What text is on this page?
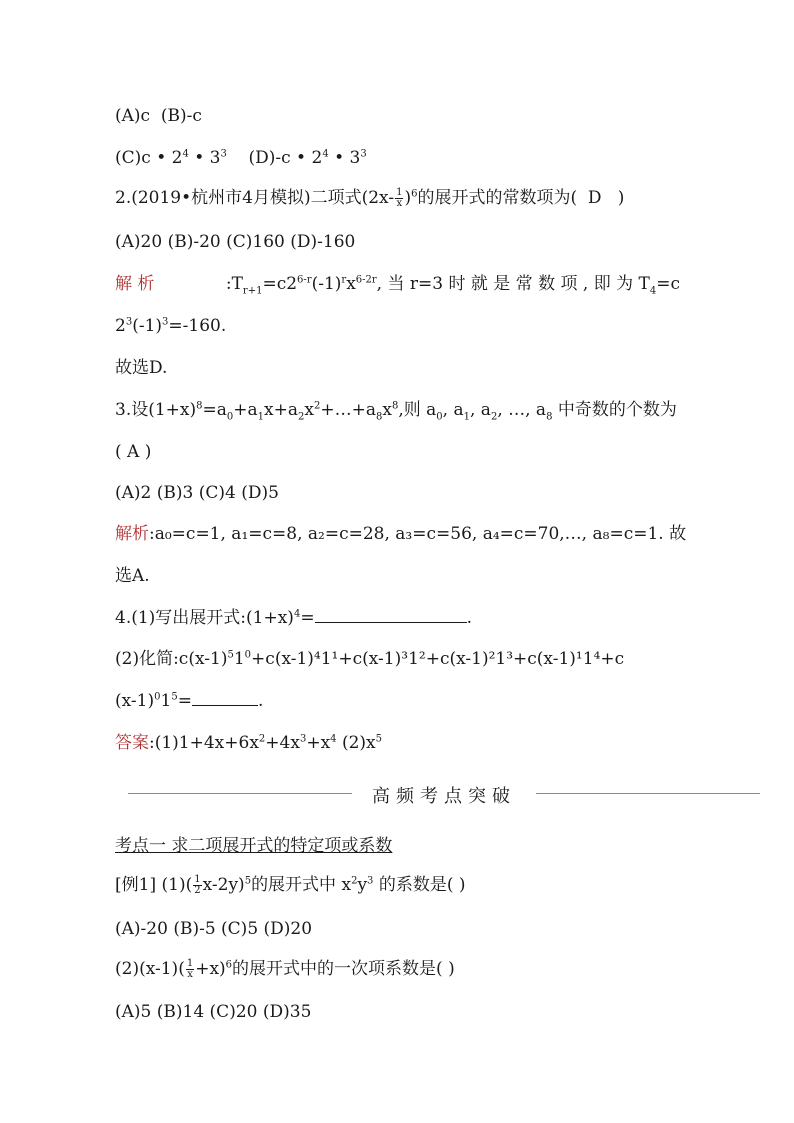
(A)c (B)-c
(C)c • $2^4$ • $3^3$ (D)-c • $2^4$ • $3^3$
2.(2019•杭州市4月模拟)二项式$(2x- \frac{1}{x} )^6$的展开式的常数项为( D )
(A)20 (B)-20 (C)160 (D)-160
解 析	$:T_{r+1}=c2^{6-r}(-1)^rx^{6-2r}$, 当 r=3 时 就 是 常 数 项 , 即 为 $T_4=c$
$2^3(-1)^3=-160$.
故选D.
3.设$(1+x)^8=a_0+a_1x+a_2x^2+\dots+a_8x^8$,则 $a_0$, $a_1$, $a_2$, …, $a_8$ 中奇数的个数为
( A )
(A)2 (B)3 (C)4 (D)5
解析:a₀=c=1, a₁=c=8, a₂=c=28, a₃=c=56, a₄=c=70,…, a₈=c=1. 故
选A.
4.(1)写出展开式$:(1+x)^4=$	.
(2)化简$:c(x-1)^51^0+c(x-1)^41^1+c(x-1)^31^2+c(x-1)^21^3+c(x-1)^11^4+c$
$(x-1)^01^5=$	.
答案$:(1)1+4x+6x^2+4x^3+x^4$ $(2)x^5$
高频考点突破
考点一 求二项展开式的特定项或系数
[例1] $(1)( \frac{1}{2} x-2y)^5$的展开式中 $x^2y^3$ 的系数是( )
(A)-20 (B)-5 (C)5 (D)20
$(2)(x-1)( \frac{1}{x} +x)^6$的展开式中的一次项系数是( )
(A)5 (B)14 (C)20 (D)35
